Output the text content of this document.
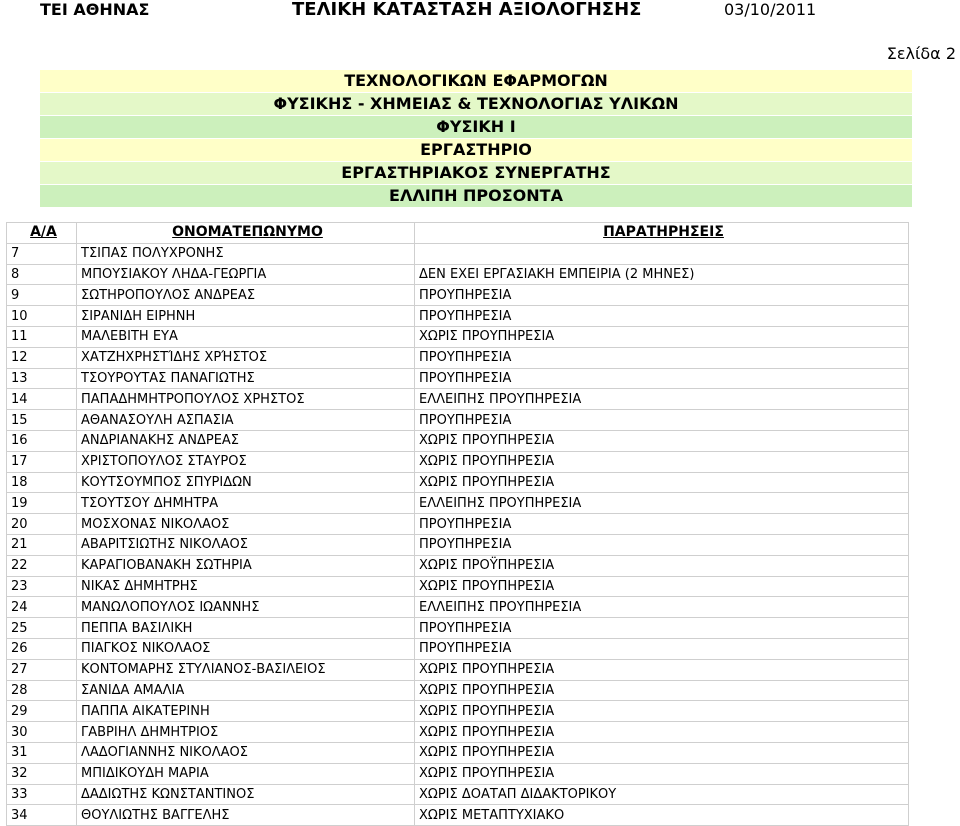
ΤΕΙ ΑΘΗΝΑΣ	ΤΕΛΙΚΗ ΚΑΤΑΣΤΑΣΗ ΑΞΙΟΛΟΓΗΣΗΣ	03/10/2011
Σελίδα 2
ΤΕΧΝΟΛΟΓΙΚΩΝ ΕΦΑΡΜΟΓΩΝ
ΦΥΣΙΚΗΣ - ΧΗΜΕΙΑΣ & ΤΕΧΝΟΛΟΓΙΑΣ ΥΛΙΚΩΝ
ΦΥΣΙΚΗ Ι
ΕΡΓΑΣΤΗΡΙΟ
ΕΡΓΑΣΤΗΡΙΑΚΟΣ ΣΥΝΕΡΓΑΤΗΣ
ΕΛΛΙΠΗ ΠΡΟΣΟΝΤΑ
Α/Α	ΟΝΟΜΑΤΕΠΩΝΥΜΟ	ΠΑΡΑΤΗΡΗΣΕΙΣ
7	ΤΣΙΠΑΣ ΠΟΛΥΧΡΟΝΗΣ	
8	ΜΠΟΥΣΙΑΚΟΥ ΛΗΔΑ-ΓΕΩΡΓΙΑ	ΔΕΝ ΕΧΕΙ ΕΡΓΑΣΙΑΚΗ ΕΜΠΕΙΡΙΑ (2 ΜΗΝΕΣ)
9	ΣΩΤΗΡΟΠΟΥΛΟΣ ΑΝΔΡΕΑΣ	ΠΡΟΥΠΗΡΕΣΙΑ
10	ΣΙΡΑΝΙΔΗ ΕΙΡΗΝΗ	ΠΡΟΥΠΗΡΕΣΙΑ
11	ΜΑΛΕΒΙΤΗ ΕΥΑ	ΧΩΡΙΣ ΠΡΟΥΠΗΡΕΣΙΑ
12	ΧΑΤΖΗΧΡΗΣΤΊΔΗΣ ΧΡΉΣΤΟΣ	ΠΡΟΥΠΗΡΕΣΙΑ
13	ΤΣΟΥΡΟΥΤΑΣ ΠΑΝΑΓΙΩΤΗΣ	ΠΡΟΥΠΗΡΕΣΙΑ
14	ΠΑΠΑΔΗΜΗΤΡΟΠΟΥΛΟΣ ΧΡΗΣΤΟΣ	ΕΛΛΕΙΠΗΣ ΠΡΟΥΠΗΡΕΣΙΑ
15	ΑΘΑΝΑΣΟΥΛΗ ΑΣΠΑΣΙΑ	ΠΡΟΥΠΗΡΕΣΙΑ
16	ΑΝΔΡΙΑΝΑΚΗΣ ΑΝΔΡΕΑΣ	ΧΩΡΙΣ ΠΡΟΥΠΗΡΕΣΙΑ
17	ΧΡΙΣΤΟΠΟΥΛΟΣ ΣΤΑΥΡΟΣ	ΧΩΡΙΣ ΠΡΟΥΠΗΡΕΣΙΑ
18	ΚΟΥΤΣΟΥΜΠΟΣ ΣΠΥΡΙΔΩΝ	ΧΩΡΙΣ ΠΡΟΥΠΗΡΕΣΙΑ
19	ΤΣΟΥΤΣΟΥ ΔΗΜΗΤΡΑ	ΕΛΛΕΙΠΗΣ ΠΡΟΥΠΗΡΕΣΙΑ
20	ΜΟΣΧΟΝΑΣ ΝΙΚΟΛΑΟΣ	ΠΡΟΥΠΗΡΕΣΙΑ
21	ΑΒΑΡΙΤΣΙΩΤΗΣ ΝΙΚΟΛΑΟΣ	ΠΡΟΥΠΗΡΕΣΙΑ
22	ΚΑΡΑΓΙΟΒΑΝΑΚΗ ΣΩΤΗΡΙΑ	ΧΩΡΙΣ ΠΡΟΫΠΗΡΕΣΙΑ
23	ΝΙΚΑΣ ΔΗΜΗΤΡΗΣ	ΧΩΡΙΣ ΠΡΟΥΠΗΡΕΣΙΑ
24	ΜΑΝΩΛΟΠΟΥΛΟΣ ΙΩΑΝΝΗΣ	ΕΛΛΕΙΠΗΣ ΠΡΟΥΠΗΡΕΣΙΑ
25	ΠΕΠΠΑ ΒΑΣΙΛΙΚΗ	ΠΡΟΥΠΗΡΕΣΙΑ
26	ΠΙΑΓΚΟΣ ΝΙΚΟΛΑΟΣ	ΠΡΟΥΠΗΡΕΣΙΑ
27	ΚΟΝΤΟΜΑΡΗΣ ΣΤΥΛΙΑΝΟΣ-ΒΑΣΙΛΕΙΟΣ	ΧΩΡΙΣ ΠΡΟΥΠΗΡΕΣΙΑ
28	ΣΑΝΙΔΑ ΑΜΑΛΙΑ	ΧΩΡΙΣ ΠΡΟΥΠΗΡΕΣΙΑ
29	ΠΑΠΠΑ ΑΙΚΑΤΕΡΙΝΗ	ΧΩΡΙΣ ΠΡΟΥΠΗΡΕΣΙΑ
30	ΓΑΒΡΙΗΛ ΔΗΜΗΤΡΙΟΣ	ΧΩΡΙΣ ΠΡΟΥΠΗΡΕΣΙΑ
31	ΛΑΔΟΓΙΑΝΝΗΣ ΝΙΚΟΛΑΟΣ	ΧΩΡΙΣ ΠΡΟΥΠΗΡΕΣΙΑ
32	ΜΠΙΔΙΚΟΥΔΗ ΜΑΡΙΑ	ΧΩΡΙΣ ΠΡΟΥΠΗΡΕΣΙΑ
33	ΔΑΔΙΩΤΗΣ ΚΩΝΣΤΑΝΤΙΝΟΣ	ΧΩΡΙΣ ΔΟΑΤΑΠ ΔΙΔΑΚΤΟΡΙΚΟΥ
34	ΘΟΥΛΙΩΤΗΣ ΒΑΓΓΕΛΗΣ	ΧΩΡΙΣ ΜΕΤΑΠΤΥΧΙΑΚΟ
